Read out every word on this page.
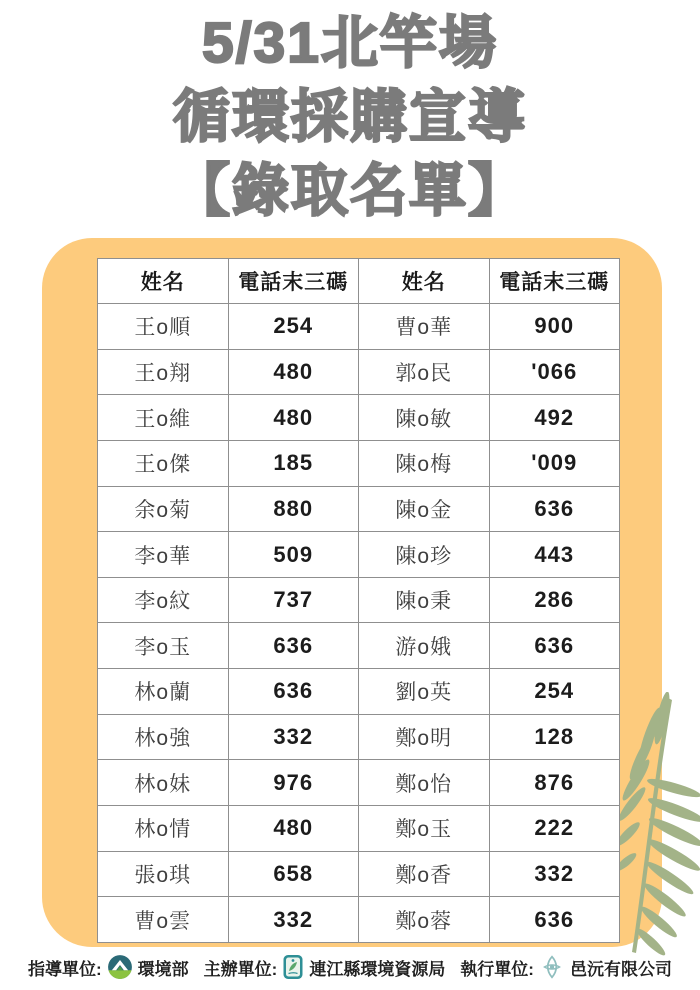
5/31北竿場
循環採購宣導
【錄取名單】
姓名	電話末三碼	姓名	電話末三碼
王o順	254	曹o華	900
王o翔	480	郭o民	'066
王o維	480	陳o敏	492
王o傑	185	陳o梅	'009
余o菊	880	陳o金	636
李o華	509	陳o珍	443
李o紋	737	陳o秉	286
李o玉	636	游o娥	636
林o蘭	636	劉o英	254
林o強	332	鄭o明	128
林o妹	976	鄭o怡	876
林o情	480	鄭o玉	222
張o琪	658	鄭o香	332
曹o雲	332	鄭o蓉	636
指導單位: 環境部 主辦單位: 連江縣環境資源局 執行單位: 邑沅有限公司
